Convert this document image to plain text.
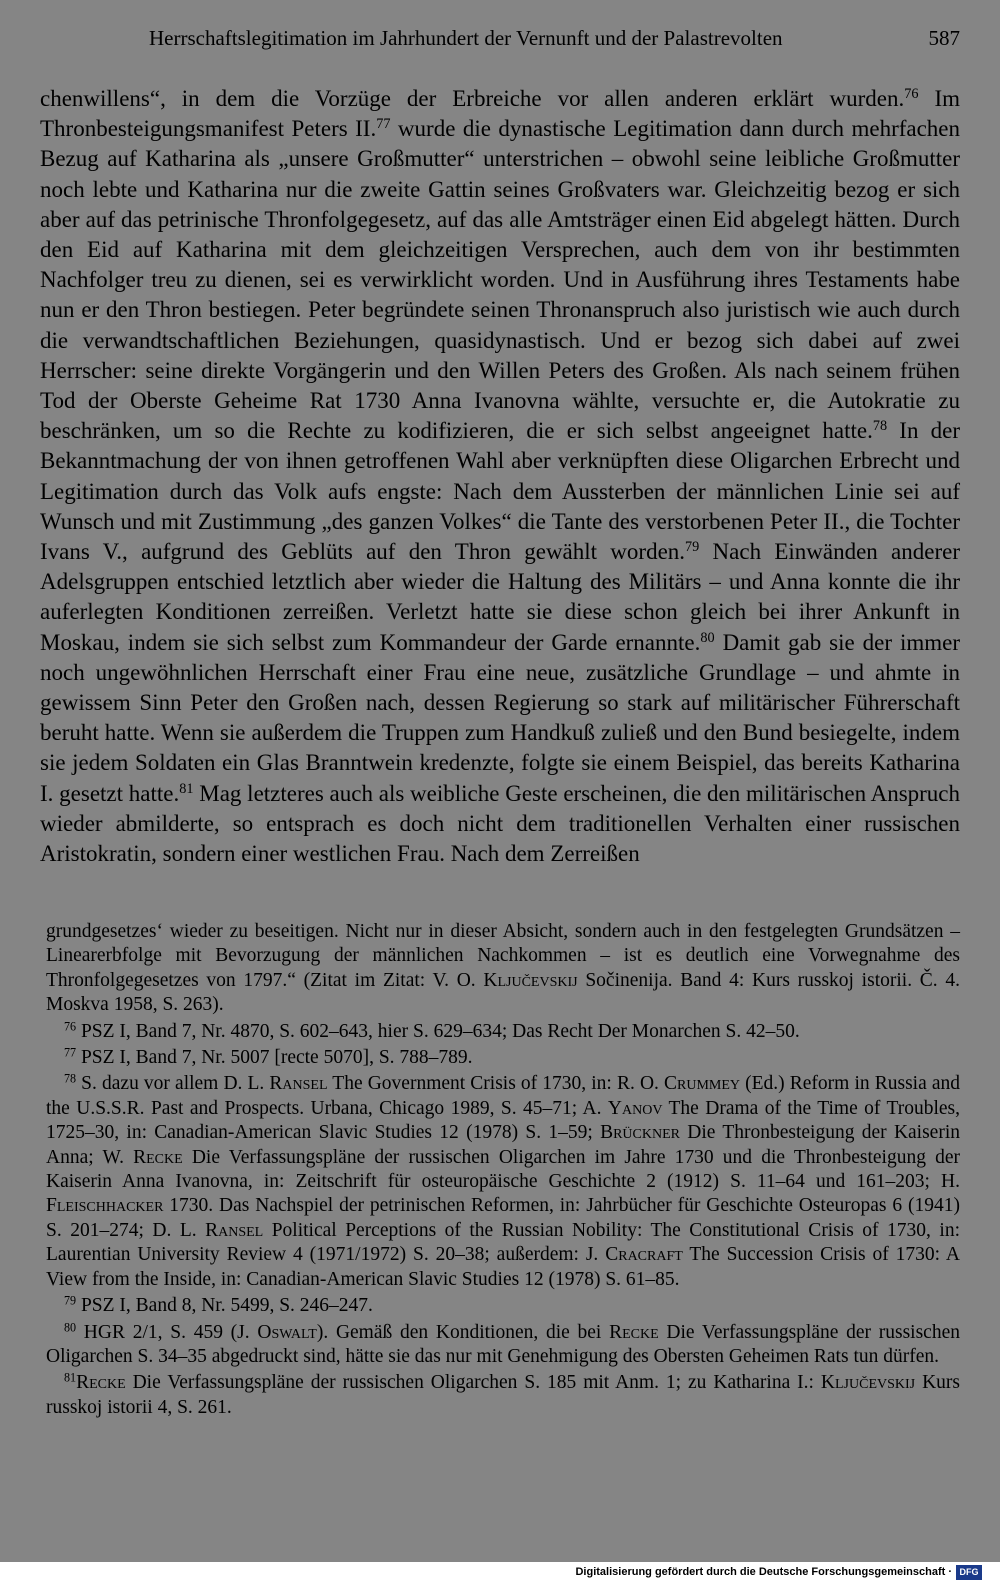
Herrschaftslegitimation im Jahrhundert der Vernunft und der Palastrevolten	587

chenwillens“, in dem die Vorzüge der Erbreiche vor allen anderen erklärt wurden.$^{76}$ Im Thronbesteigungsmanifest Peters II.$^{77}$ wurde die dynastische Legitimation dann durch mehrfachen Bezug auf Katharina als „unsere Großmutter“ unterstrichen – obwohl seine leibliche Großmutter noch lebte und Katharina nur die zweite Gattin seines Großvaters war. Gleichzeitig bezog er sich aber auf das petrinische Thronfolgegesetz, auf das alle Amtsträger einen Eid abgelegt hätten. Durch den Eid auf Katharina mit dem gleichzeitigen Versprechen, auch dem von ihr bestimmten Nachfolger treu zu dienen, sei es verwirklicht worden. Und in Ausführung ihres Testaments habe nun er den Thron bestiegen. Peter begründete seinen Thronanspruch also juristisch wie auch durch die verwandtschaftlichen Beziehungen, quasidynastisch. Und er bezog sich dabei auf zwei Herrscher: seine direkte Vorgängerin und den Willen Peters des Großen. Als nach seinem frühen Tod der Oberste Geheime Rat 1730 Anna Ivanovna wählte, versuchte er, die Autokratie zu beschränken, um so die Rechte zu kodifizieren, die er sich selbst angeeignet hatte.$^{78}$ In der Bekanntmachung der von ihnen getroffenen Wahl aber verknüpften diese Oligarchen Erbrecht und Legitimation durch das Volk aufs engste: Nach dem Aussterben der männlichen Linie sei auf Wunsch und mit Zustimmung „des ganzen Volkes“ die Tante des verstorbenen Peter II., die Tochter Ivans V., aufgrund des Geblüts auf den Thron gewählt worden.$^{79}$ Nach Einwänden anderer Adelsgruppen entschied letztlich aber wieder die Haltung des Militärs – und Anna konnte die ihr auferlegten Konditionen zerreißen. Verletzt hatte sie diese schon gleich bei ihrer Ankunft in Moskau, indem sie sich selbst zum Kommandeur der Garde ernannte.$^{80}$ Damit gab sie der immer noch ungewöhnlichen Herrschaft einer Frau eine neue, zusätzliche Grundlage – und ahmte in gewissem Sinn Peter den Großen nach, dessen Regierung so stark auf militärischer Führerschaft beruht hatte. Wenn sie außerdem die Truppen zum Handkuß zuließ und den Bund besiegelte, indem sie jedem Soldaten ein Glas Branntwein kredenzte, folgte sie einem Beispiel, das bereits Katharina I. gesetzt hatte.$^{81}$ Mag letzteres auch als weibliche Geste erscheinen, die den militärischen Anspruch wieder abmilderte, so entsprach es doch nicht dem traditionellen Verhalten einer russischen Aristokratin, sondern einer westlichen Frau. Nach dem Zerreißen

grundgesetzes‘ wieder zu beseitigen. Nicht nur in dieser Absicht, sondern auch in den festgelegten Grundsätzen – Linearerbfolge mit Bevorzugung der männlichen Nachkommen – ist es deutlich eine Vorwegnahme des Thronfolgegesetzes von 1797.“ (Zitat im Zitat: V. O. Ključevskij Sočinenija. Band 4: Kurs russkoj istorii. Č. 4. Moskva 1958, S. 263).

$^{76}$ PSZ I, Band 7, Nr. 4870, S. 602–643, hier S. 629–634; Das Recht Der Monarchen S. 42–50.

$^{77}$ PSZ I, Band 7, Nr. 5007 [recte 5070], S. 788–789.

$^{78}$ S. dazu vor allem D. L. Ransel The Government Crisis of 1730, in: R. O. Crummey (Ed.) Reform in Russia and the U.S.S.R. Past and Prospects. Urbana, Chicago 1989, S. 45–71; A. Yanov The Drama of the Time of Troubles, 1725–30, in: Canadian-American Slavic Studies 12 (1978) S. 1–59; Brückner Die Thronbesteigung der Kaiserin Anna; W. Recke Die Verfassungspläne der russischen Oligarchen im Jahre 1730 und die Thronbesteigung der Kaiserin Anna Ivanovna, in: Zeitschrift für osteuropäische Geschichte 2 (1912) S. 11–64 und 161–203; H. Fleischhacker 1730. Das Nachspiel der petrinischen Reformen, in: Jahrbücher für Geschichte Osteuropas 6 (1941) S. 201–274; D. L. Ransel Political Perceptions of the Russian Nobility: The Constitutional Crisis of 1730, in: Laurentian University Review 4 (1971/1972) S. 20–38; außerdem: J. Cracraft The Succession Crisis of 1730: A View from the Inside, in: Canadian-American Slavic Studies 12 (1978) S. 61–85.

$^{79}$ PSZ I, Band 8, Nr. 5499, S. 246–247.

$^{80}$ HGR 2/1, S. 459 (J. Oswalt). Gemäß den Konditionen, die bei Recke Die Verfassungspläne der russischen Oligarchen S. 34–35 abgedruckt sind, hätte sie das nur mit Genehmigung des Obersten Geheimen Rats tun dürfen.

$^{81}$Recke Die Verfassungspläne der russischen Oligarchen S. 185 mit Anm. 1; zu Katharina I.: Ključevskij Kurs russkoj istorii 4, S. 261.

Digitalisierung gefördert durch die Deutsche Forschungsgemeinschaft · DFG
